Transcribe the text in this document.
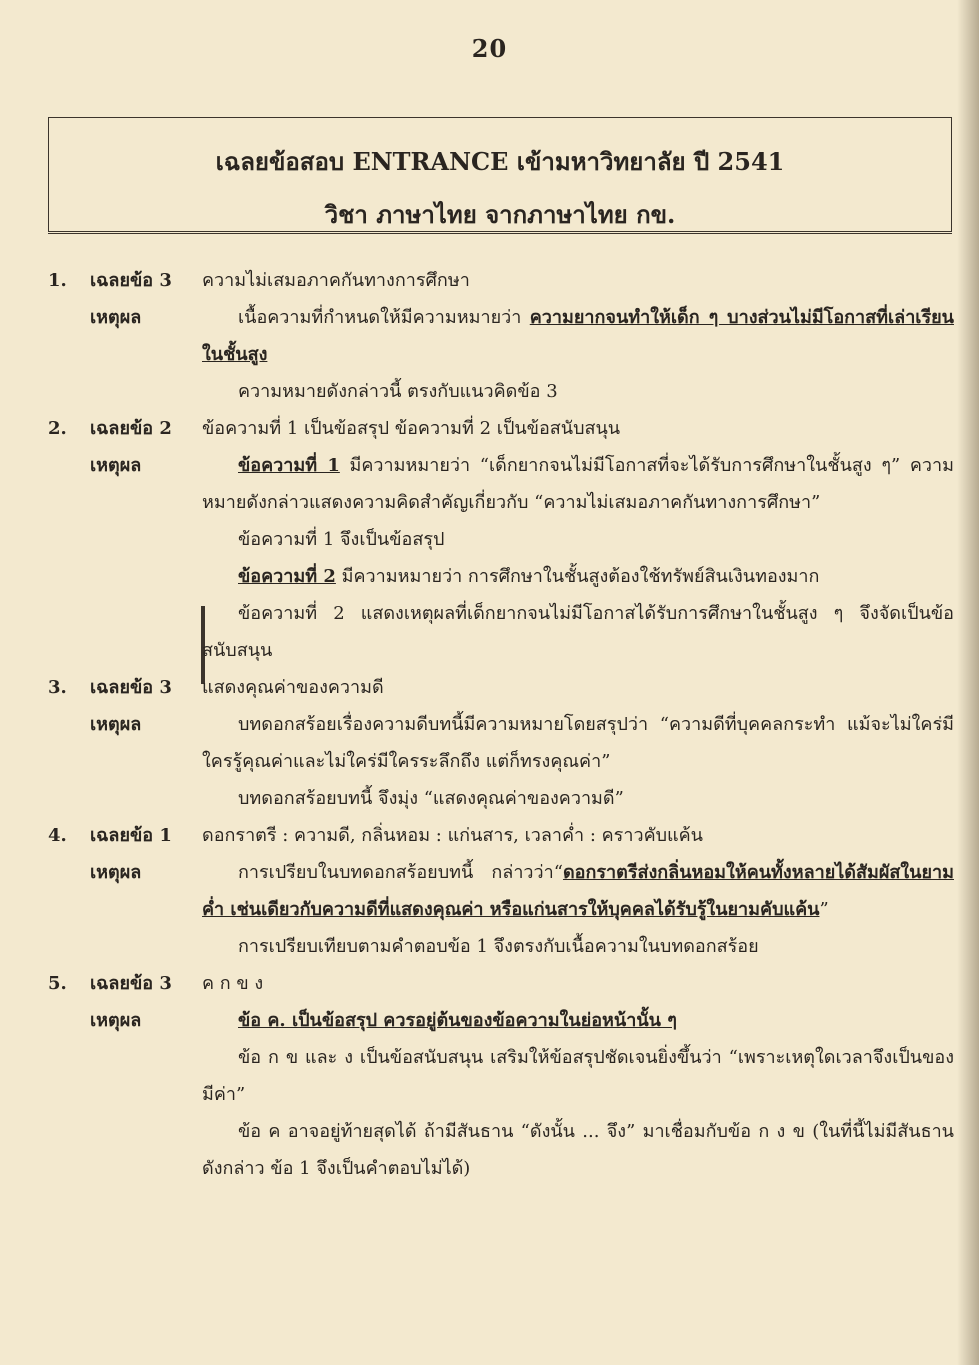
20
เฉลยข้อสอบ ENTRANCE เข้ามหาวิทยาลัย ปี 2541
วิชา ภาษาไทย จากภาษาไทย กข.
1.	เฉลยข้อ 3	ความไม่เสมอภาคกันทางการศึกษา
เหตุผล	เนื้อความที่กำหนดให้มีความหมายว่า ความยากจนทำให้เด็ก ๆ บางส่วนไม่มีโอกาสที่เล่าเรียนในชั้นสูง
ความหมายดังกล่าวนี้ ตรงกับแนวคิดข้อ 3
2.	เฉลยข้อ 2	ข้อความที่ 1 เป็นข้อสรุป ข้อความที่ 2 เป็นข้อสนับสนุน
เหตุผล	ข้อความที่ 1 มีความหมายว่า “เด็กยากจนไม่มีโอกาสที่จะได้รับการศึกษาในชั้นสูง ๆ” ความหมายดังกล่าวแสดงความคิดสำคัญเกี่ยวกับ “ความไม่เสมอภาคกันทางการศึกษา”
ข้อความที่ 1 จึงเป็นข้อสรุป
ข้อความที่ 2 มีความหมายว่า การศึกษาในชั้นสูงต้องใช้ทรัพย์สินเงินทองมาก
ข้อความที่ 2 แสดงเหตุผลที่เด็กยากจนไม่มีโอกาสได้รับการศึกษาในชั้นสูง ๆ จึงจัดเป็นข้อสนับสนุน
3.	เฉลยข้อ 3	แสดงคุณค่าของความดี
เหตุผล	บทดอกสร้อยเรื่องความดีบทนี้มีความหมายโดยสรุปว่า “ความดีที่บุคคลกระทำ แม้จะไม่ใคร่มีใครรู้คุณค่าและไม่ใคร่มีใครระลึกถึง แต่ก็ทรงคุณค่า”
บทดอกสร้อยบทนี้ จึงมุ่ง “แสดงคุณค่าของความดี”
4.	เฉลยข้อ 1	ดอกราตรี : ความดี, กลิ่นหอม : แก่นสาร, เวลาค่ำ : คราวคับแค้น
เหตุผล	การเปรียบในบทดอกสร้อยบทนี้ กล่าวว่า“ดอกราตรีส่งกลิ่นหอมให้คนทั้งหลายได้สัมผัสในยามค่ำ เช่นเดียวกับความดีที่แสดงคุณค่า หรือแก่นสารให้บุคคลได้รับรู้ในยามคับแค้น”
การเปรียบเทียบตามคำตอบข้อ 1 จึงตรงกับเนื้อความในบทดอกสร้อย
5.	เฉลยข้อ 3	ค ก ข ง
เหตุผล	ข้อ ค. เป็นข้อสรุป ควรอยู่ต้นของข้อความในย่อหน้านั้น ๆ
ข้อ ก ข และ ง เป็นข้อสนับสนุน เสริมให้ข้อสรุปชัดเจนยิ่งขึ้นว่า “เพราะเหตุใดเวลาจึงเป็นของมีค่า”
ข้อ ค อาจอยู่ท้ายสุดได้ ถ้ามีสันธาน “ดังนั้น ... จึง” มาเชื่อมกับข้อ ก ง ข (ในที่นี้ไม่มีสันธานดังกล่าว ข้อ 1 จึงเป็นคำตอบไม่ได้)
